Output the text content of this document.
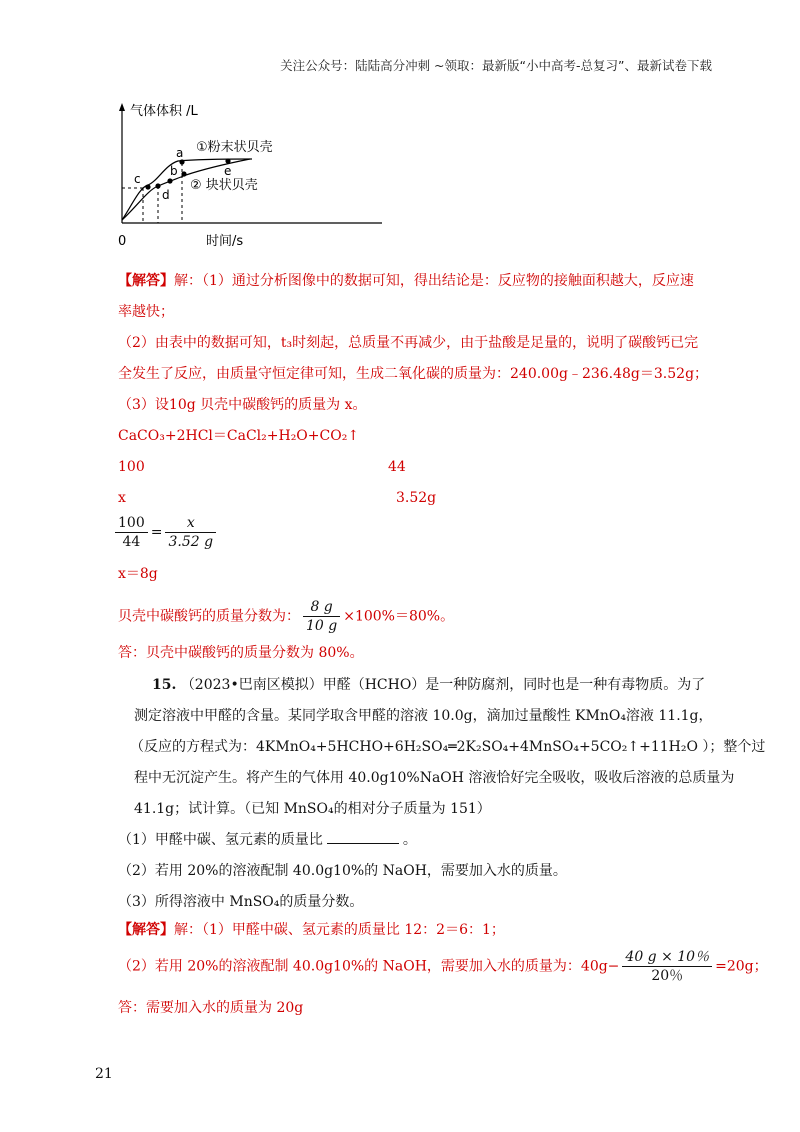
关注公众号：陆陆高分冲刺 ~领取：最新版“小中高考-总复习”、最新试卷下载
气体体积 /L
a
b
c
d
e
①粉末状贝壳
② 块状贝壳
0	时间/s
【解答】解：（1）通过分析图像中的数据可知，得出结论是：反应物的接触面积越大，反应速
率越快；
（2）由表中的数据可知，t₃时刻起，总质量不再减少，由于盐酸是足量的，说明了碳酸钙已完
全发生了反应，由质量守恒定律可知，生成二氧化碳的质量为：240.00g﹣236.48g＝3.52g；
（3）设10g 贝壳中碳酸钙的质量为 x。
CaCO₃+2HCl＝CaCl₂+H₂O+CO₂↑
100	44
x	3.52g
$\frac{100}{44} = \frac{x}{3.52 g}$
x＝8g
贝壳中碳酸钙的质量分数为： $\frac{8 g}{10 g} \times 100\%=80\%$。
答：贝壳中碳酸钙的质量分数为 80%。
15. （2023•巴南区模拟）甲醛（HCHO）是一种防腐剂，同时也是一种有毒物质。为了
测定溶液中甲醛的含量。某同学取含甲醛的溶液 10.0g，滴加过量酸性 KMnO₄溶液 11.1g，
（反应的方程式为：4KMnO₄+5HCHO+6H₂SO₄═2K₂SO₄+4MnSO₄+5CO₂↑+11H₂O ）；整个过
程中无沉淀产生。将产生的气体用 40.0g10%NaOH 溶液恰好完全吸收，吸收后溶液的总质量为
41.1g；试计算。（已知 MnSO₄的相对分子质量为 151）
（1）甲醛中碳、氢元素的质量比	。
（2）若用 20%的溶液配制 40.0g10%的 NaOH，需要加入水的质量。
（3）所得溶液中 MnSO₄的质量分数。
【解答】解：（1）甲醛中碳、氢元素的质量比 12：2＝6：1；
（2）若用 20%的溶液配制 40.0g10%的 NaOH，需要加入水的质量为：$40g- \frac{40 g \times 10\%}{20\%} =20g$；
答：需要加入水的质量为 20g
21
